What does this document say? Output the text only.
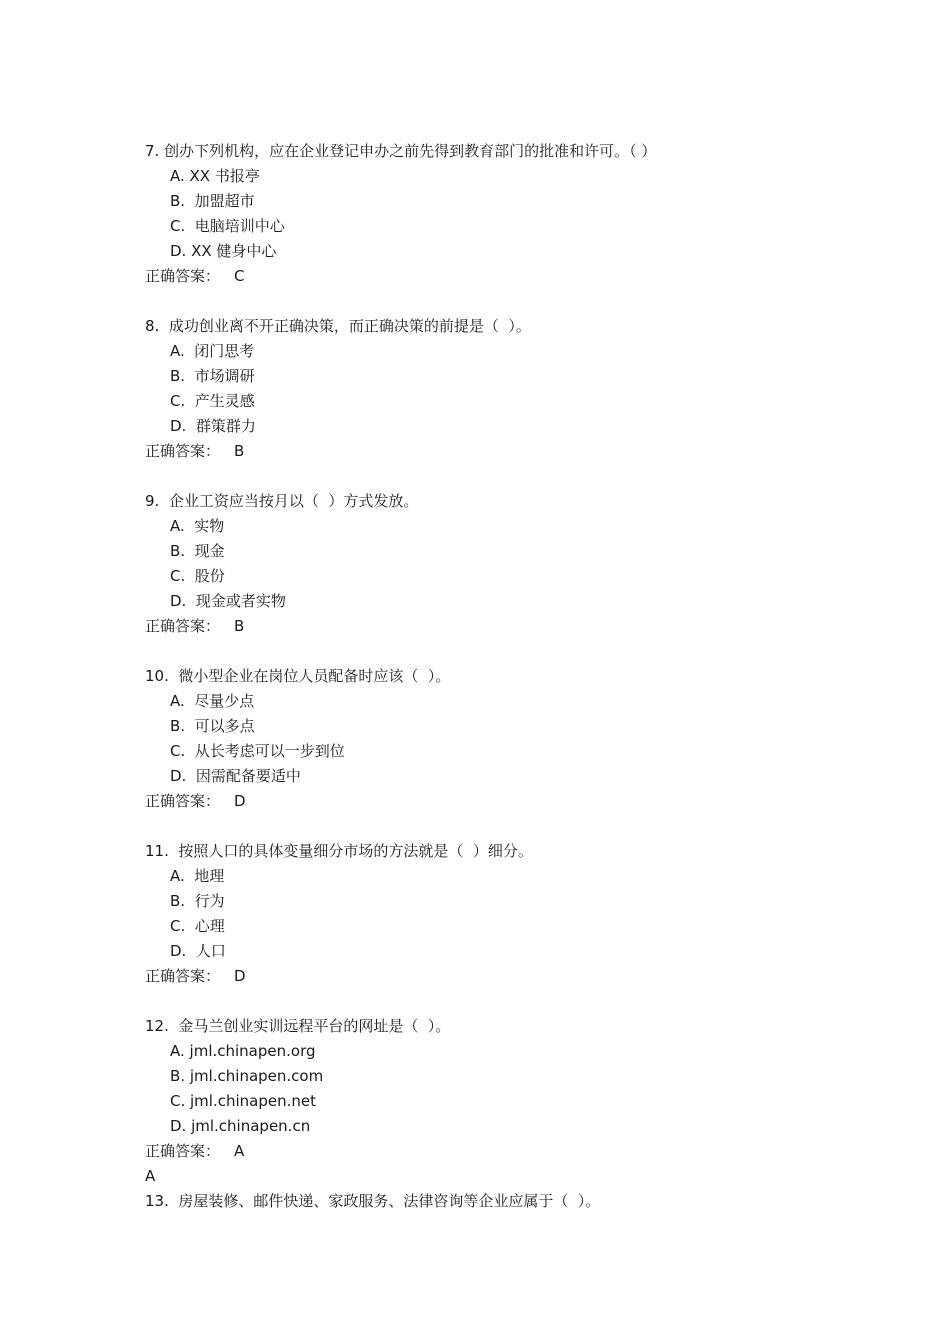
7. 创办下列机构，应在企业登记申办之前先得到教育部门的批准和许可。（ ）
A. XX 书报亭
B.  加盟超市
C.  电脑培训中心
D. XX 健身中心
正确答案： C
8.  成功创业离不开正确决策，而正确决策的前提是（  ）。
A.  闭门思考
B.  市场调研
C.  产生灵感
D.  群策群力
正确答案： B
9.  企业工资应当按月以（  ）方式发放。
A.  实物
B.  现金
C.  股份
D.  现金或者实物
正确答案： B
10.  微小型企业在岗位人员配备时应该（  ）。
A.  尽量少点
B.  可以多点
C.  从长考虑可以一步到位
D.  因需配备要适中
正确答案： D
11.  按照人口的具体变量细分市场的方法就是（  ）细分。
A.  地理
B.  行为
C.  心理
D.  人口
正确答案： D
12.  金马兰创业实训远程平台的网址是（  ）。
A. jml.chinapen.org
B. jml.chinapen.com
C. jml.chinapen.net
D. jml.chinapen.cn
正确答案： A
A
13.  房屋装修、邮件快递、家政服务、法律咨询等企业应属于（  ）。
